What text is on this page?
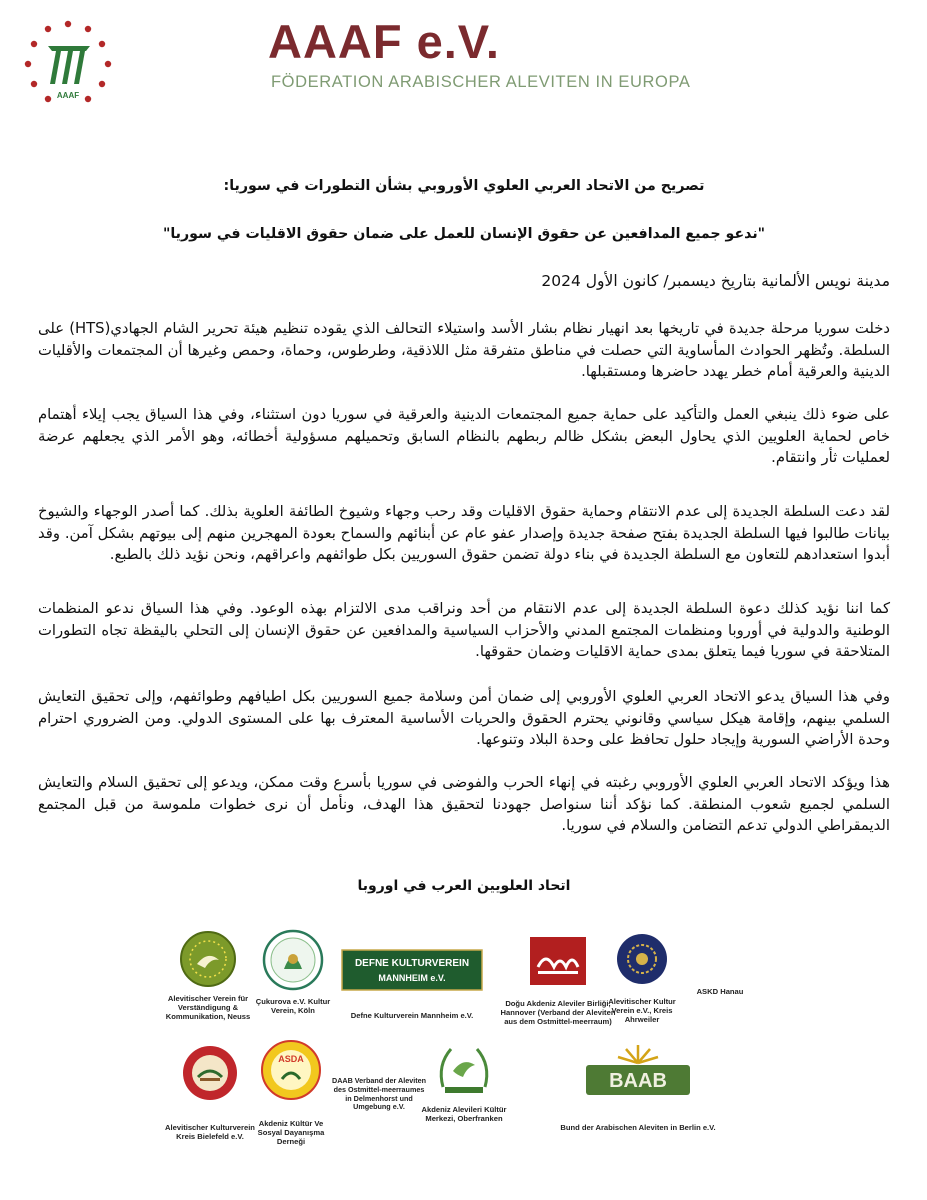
AAAF
AAAF e.V.
FÖDERATION ARABISCHER ALEVITEN IN EUROPA
تصريح من الاتحاد العربي العلوي الأوروبي بشأن التطورات في سوريا:
"ندعو جميع المدافعين عن حقوق الإنسان للعمل على ضمان حقوق الاقليات في سوريا"
مدينة نويس الألمانية بتاريخ ديسمبر/ كانون الأول 2024

دخلت سوريا مرحلة جديدة في تاريخها بعد انهيار نظام بشار الأسد واستيلاء التحالف الذي يقوده تنظيم هيئة تحرير الشام الجهادي(HTS) على السلطة. وتُظهر الحوادث المأساوية التي حصلت في مناطق متفرقة مثل اللاذقية، وطرطوس، وحماة، وحمص وغيرها أن المجتمعات والأقليات الدينية والعرقية أمام خطر يهدد حاضرها ومستقبلها.

على ضوء ذلك ينبغي العمل والتأكيد على حماية جميع المجتمعات الدينية والعرقية في سوريا دون استثناء، وفي هذا السياق يجب إيلاء أهتمام خاص لحماية العلويين الذي يحاول البعض بشكل ظالم ربطهم بالنظام السابق وتحميلهم مسؤولية أخطائه، وهو الأمر الذي يجعلهم عرضة لعمليات ثأر وانتقام.

لقد دعت السلطة الجديدة إلى عدم الانتقام وحماية حقوق الاقليات وقد رحب وجهاء وشيوخ الطائفة العلوية بذلك. كما أصدر الوجهاء والشيوخ بيانات طالبوا فيها السلطة الجديدة بفتح صفحة جديدة وإصدار عفو عام عن أبنائهم والسماح بعودة المهجرين منهم إلى بيوتهم بشكل آمن. وقد أبدوا استعدادهم للتعاون مع السلطة الجديدة في بناء دولة تضمن حقوق السوريين بكل طوائفهم واعراقهم، ونحن نؤيد ذلك بالطبع.

كما اننا نؤيد كذلك دعوة السلطة الجديدة إلى عدم الانتقام من أحد ونراقب مدى الالتزام بهذه الوعود. وفي هذا السياق ندعو المنظمات الوطنية والدولية في أوروبا ومنظمات المجتمع المدني والأحزاب السياسية والمدافعين عن حقوق الإنسان إلى التحلي باليقظة تجاه التطورات المتلاحقة في سوريا فيما يتعلق بمدى حماية الاقليات وضمان حقوقها.

وفي هذا السياق يدعو الاتحاد العربي العلوي الأوروبي إلى ضمان أمن وسلامة جميع السوريين بكل اطيافهم وطوائفهم، وإلى تحقيق التعايش السلمي بينهم، وإقامة هيكل سياسي وقانوني يحترم الحقوق والحريات الأساسية المعترف بها على المستوى الدولي. ومن الضروري احترام وحدة الأراضي السورية وإيجاد حلول تحافظ على وحدة البلاد وتنوعها.

هذا ويؤكد الاتحاد العربي العلوي الأوروبي رغبته في إنهاء الحرب والفوضى في سوريا بأسرع وقت ممكن، ويدعو إلى تحقيق السلام والتعايش السلمي لجميع شعوب المنطقة. كما نؤكد أننا سنواصل جهودنا لتحقيق هذا الهدف، ونأمل أن نرى خطوات ملموسة من قبل المجتمع الديمقراطي الدولي تدعم التضامن والسلام في سوريا.

اتحاد العلويين العرب في اوروبا
Alevitischer Verein für Verständigung & Kommunikation, Neuss
Çukurova e.V. Kultur Verein, Köln
DEFNE KULTURVEREIN
MANNHEIM e.V.
Defne Kulturverein Mannheim e.V.
Doğu Akdeniz Aleviler Birliği, Hannover (Verband der Aleviten aus dem Ostmittel-meerraum)
Alevitischer Kultur Verein e.V., Kreis Ahrweiler
ASKD Hanau
Alevitischer Kulturverein Kreis Bielefeld e.V.
ASDA
Akdeniz Kültür Ve Sosyal Dayanışma Derneği
DAAB Verband der Aleviten des Ostmittel-meerraumes in Delmenhorst und Umgebung e.V.	Akdeniz Alevileri Kültür Merkezi, Oberfranken
BAAB
Bund der Arabischen Aleviten in Berlin e.V.
